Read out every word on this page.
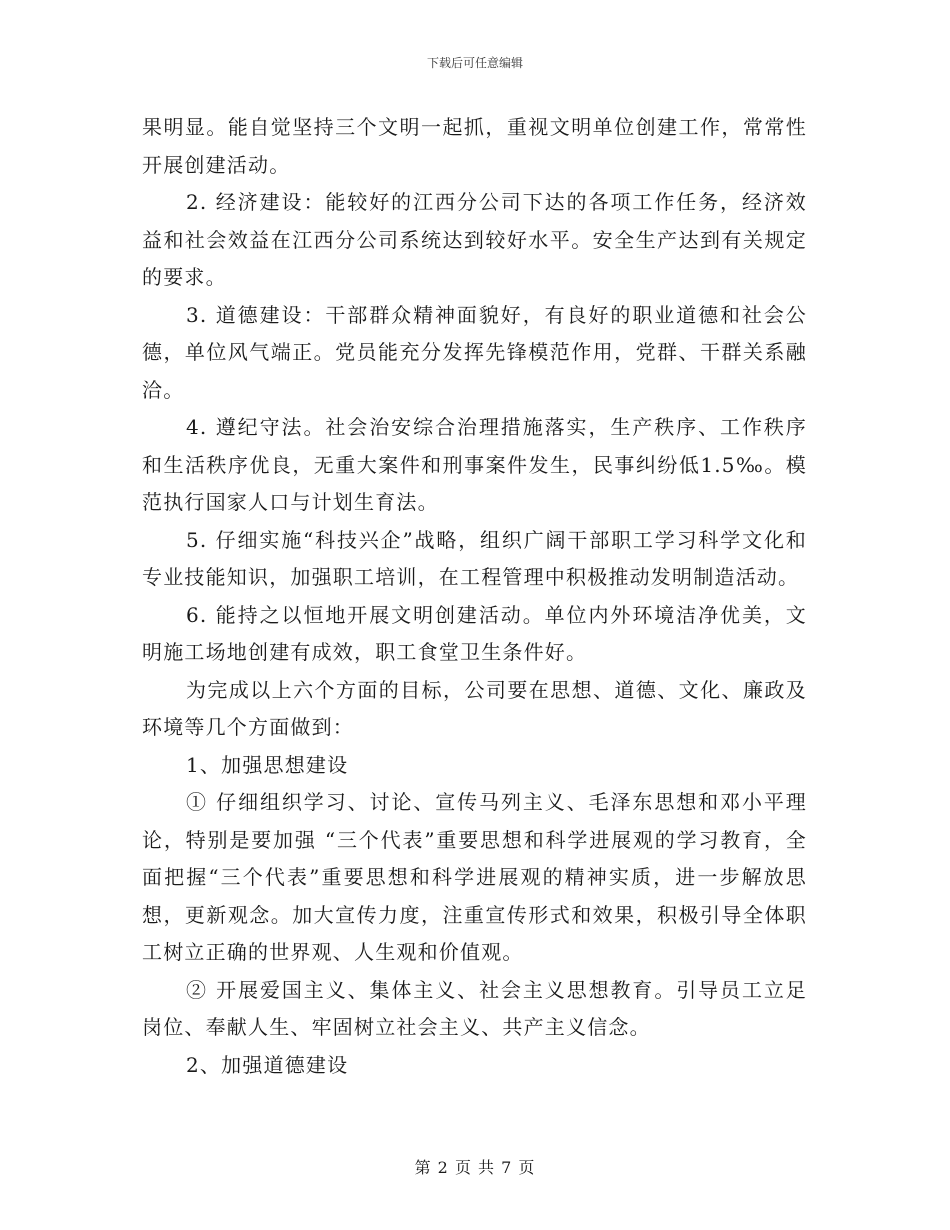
下载后可任意编辑

果明显。能自觉坚持三个文明一起抓，重视文明单位创建工作，常常性开展创建活动。

2. 经济建设：能较好的江西分公司下达的各项工作任务，经济效益和社会效益在江西分公司系统达到较好水平。安全生产达到有关规定的要求。

3. 道德建设：干部群众精神面貌好，有良好的职业道德和社会公德，单位风气端正。党员能充分发挥先锋模范作用，党群、干群关系融洽。

4. 遵纪守法。社会治安综合治理措施落实，生产秩序、工作秩序和生活秩序优良，无重大案件和刑事案件发生，民事纠纷低1.5‰。模范执行国家人口与计划生育法。

5. 仔细实施“科技兴企”战略，组织广阔干部职工学习科学文化和专业技能知识，加强职工培训，在工程管理中积极推动发明制造活动。

6. 能持之以恒地开展文明创建活动。单位内外环境洁净优美，文明施工场地创建有成效，职工食堂卫生条件好。

为完成以上六个方面的目标，公司要在思想、道德、文化、廉政及环境等几个方面做到：

1、加强思想建设

① 仔细组织学习、讨论、宣传马列主义、毛泽东思想和邓小平理论，特别是要加强 “三个代表”重要思想和科学进展观的学习教育，全面把握“三个代表”重要思想和科学进展观的精神实质，进一步解放思想，更新观念。加大宣传力度，注重宣传形式和效果，积极引导全体职工树立正确的世界观、人生观和价值观。

② 开展爱国主义、集体主义、社会主义思想教育。引导员工立足岗位、奉献人生、牢固树立社会主义、共产主义信念。

2、加强道德建设

第 2 页 共 7 页
